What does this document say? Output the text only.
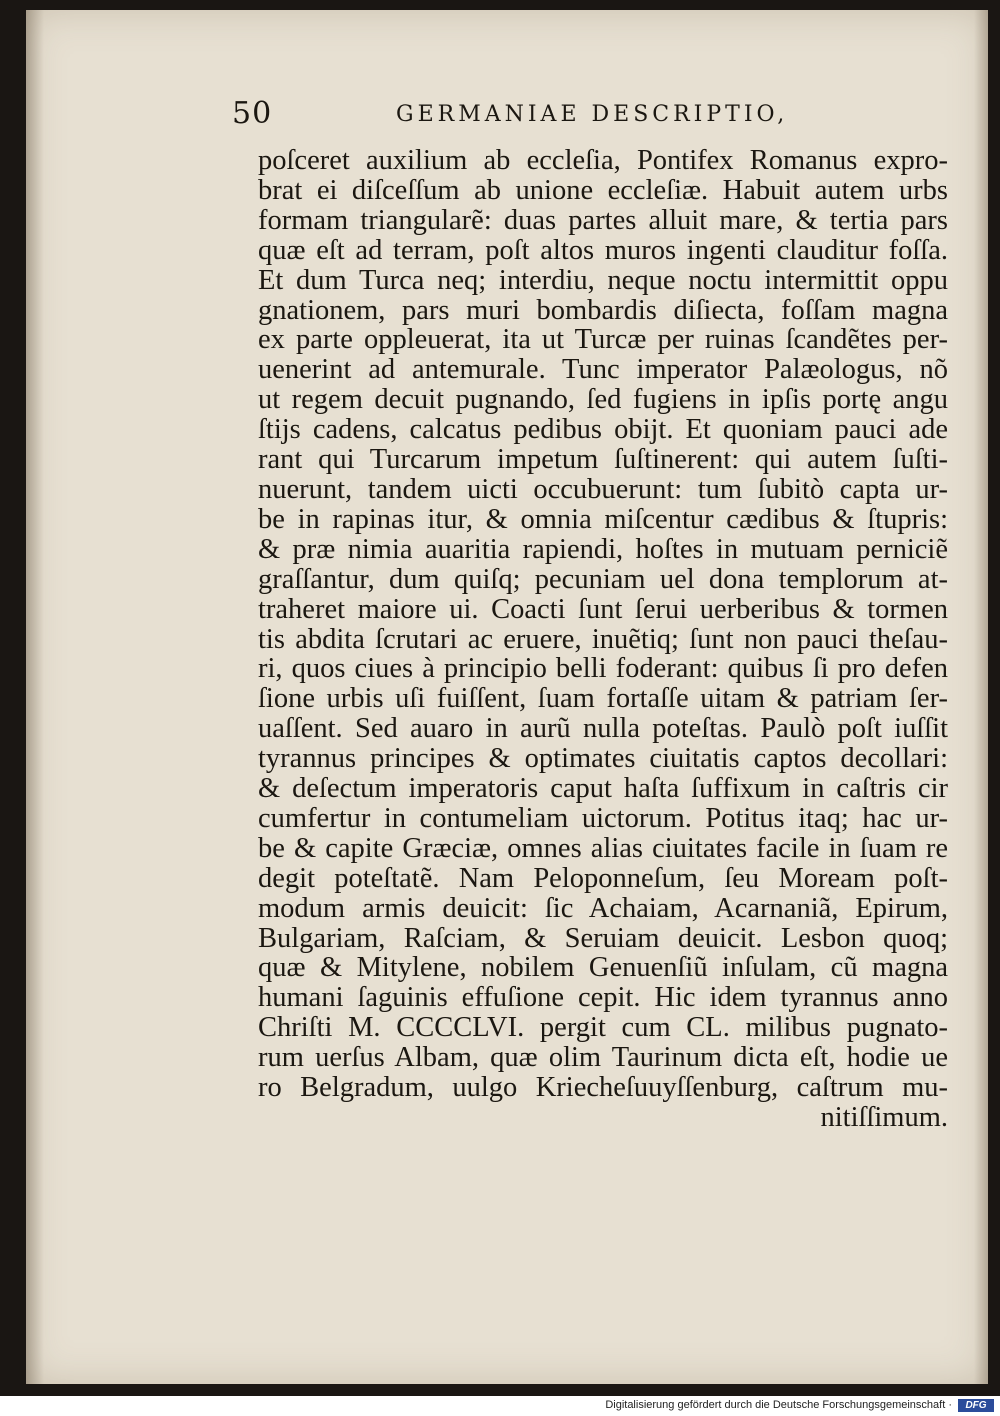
50	GERMANIAE DESCRIPTIO,
poſceret auxilium ab eccleſia, Pontifex Romanus expro-
brat ei diſceſſum ab unione eccleſiæ. Habuit autem urbs
formam triangularẽ: duas partes alluit mare, & tertia pars
quæ eſt ad terram, poſt altos muros ingenti clauditur foſſa.
Et dum Turca neq; interdiu, neque noctu intermittit oppu
gnationem, pars muri bombardis diſiecta, foſſam magna
ex parte oppleuerat, ita ut Turcæ per ruinas ſcandẽtes per-
uenerint ad antemurale. Tunc imperator Palæologus, nõ
ut regem decuit pugnando, ſed fugiens in ipſis portę angu
ſtijs cadens, calcatus pedibus obijt. Et quoniam pauci ade
rant qui Turcarum impetum ſuſtinerent: qui autem ſuſti-
nuerunt, tandem uicti occubuerunt: tum ſubitò capta ur-
be in rapinas itur, & omnia miſcentur cædibus & ſtupris:
& præ nimia auaritia rapiendi, hoſtes in mutuam perniciẽ
graſſantur, dum quiſq; pecuniam uel dona templorum at-
traheret maiore ui. Coacti ſunt ſerui uerberibus & tormen
tis abdita ſcrutari ac eruere, inuẽtiq; ſunt non pauci theſau-
ri, quos ciues à principio belli foderant: quibus ſi pro defen
ſione urbis uſi fuiſſent, ſuam fortaſſe uitam & patriam ſer-
uaſſent. Sed auaro in aurũ nulla poteſtas. Paulò poſt iuſſit
tyrannus principes & optimates ciuitatis captos decollari:
& deſectum imperatoris caput haſta ſuffixum in caſtris cir
cumfertur in contumeliam uictorum. Potitus itaq; hac ur-
be & capite Græciæ, omnes alias ciuitates facile in ſuam re
degit poteſtatẽ. Nam Peloponneſum, ſeu Moream poſt-
modum armis deuicit: ſic Achaiam, Acarnaniã, Epirum,
Bulgariam, Raſciam, & Seruiam deuicit. Lesbon quoq;
quæ & Mitylene, nobilem Genuenſiũ inſulam, cũ magna
humani ſaguinis effuſione cepit. Hic idem tyrannus anno
Chriſti M. CCCCLVI. pergit cum CL. milibus pugnato-
rum uerſus Albam, quæ olim Taurinum dicta eſt, hodie ue
ro Belgradum, uulgo Kriecheſuuyſſenburg, caſtrum mu-
nitiſſimum.
Digitalisierung gefördert durch die Deutsche Forschungsgemeinschaft ·	DFG
